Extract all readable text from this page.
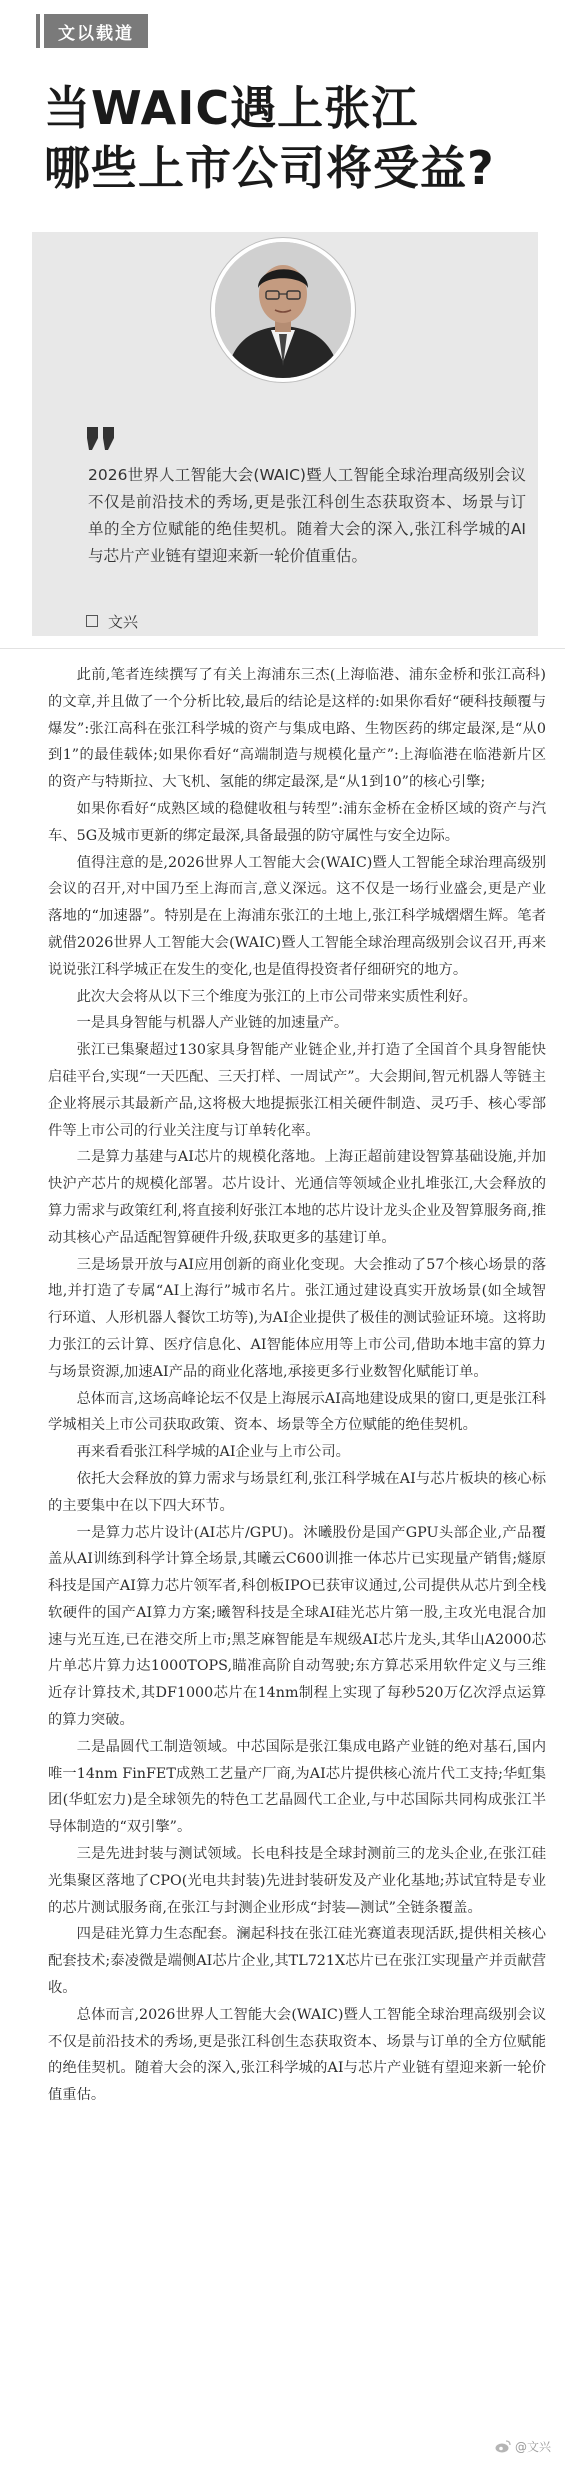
文以载道
当WAIC遇上张江
哪些上市公司将受益?

2026世界人工智能大会(WAIC)暨人工智能全球治理高级别会议不仅是前沿技术的秀场,更是张江科创生态获取资本、场景与订单的全方位赋能的绝佳契机。随着大会的深入,张江科学城的AI与芯片产业链有望迎来新一轮价值重估。

文兴

此前,笔者连续撰写了有关上海浦东三杰(上海临港、浦东金桥和张江高科)的文章,并且做了一个分析比较,最后的结论是这样的:如果你看好“硬科技颠覆与爆发”:张江高科在张江科学城的资产与集成电路、生物医药的绑定最深,是“从0到1”的最佳载体;如果你看好“高端制造与规模化量产”:上海临港在临港新片区的资产与特斯拉、大飞机、氢能的绑定最深,是“从1到10”的核心引擎;

如果你看好“成熟区域的稳健收租与转型”:浦东金桥在金桥区域的资产与汽车、5G及城市更新的绑定最深,具备最强的防守属性与安全边际。

值得注意的是,2026世界人工智能大会(WAIC)暨人工智能全球治理高级别会议的召开,对中国乃至上海而言,意义深远。这不仅是一场行业盛会,更是产业落地的“加速器”。特别是在上海浦东张江的土地上,张江科学城熠熠生辉。笔者就借2026世界人工智能大会(WAIC)暨人工智能全球治理高级别会议召开,再来说说张江科学城正在发生的变化,也是值得投资者仔细研究的地方。

此次大会将从以下三个维度为张江的上市公司带来实质性利好。

一是具身智能与机器人产业链的加速量产。

张江已集聚超过130家具身智能产业链企业,并打造了全国首个具身智能快启硅平台,实现“一天匹配、三天打样、一周试产”。大会期间,智元机器人等链主企业将展示其最新产品,这将极大地提振张江相关硬件制造、灵巧手、核心零部件等上市公司的行业关注度与订单转化率。

二是算力基建与AI芯片的规模化落地。上海正超前建设智算基础设施,并加快沪产芯片的规模化部署。芯片设计、光通信等领域企业扎堆张江,大会释放的算力需求与政策红利,将直接利好张江本地的芯片设计龙头企业及智算服务商,推动其核心产品适配智算硬件升级,获取更多的基建订单。

三是场景开放与AI应用创新的商业化变现。大会推动了57个核心场景的落地,并打造了专属“AI上海行”城市名片。张江通过建设真实开放场景(如全域智行环道、人形机器人餐饮工坊等),为AI企业提供了极佳的测试验证环境。这将助力张江的云计算、医疗信息化、AI智能体应用等上市公司,借助本地丰富的算力与场景资源,加速AI产品的商业化落地,承接更多行业数智化赋能订单。

总体而言,这场高峰论坛不仅是上海展示AI高地建设成果的窗口,更是张江科学城相关上市公司获取政策、资本、场景等全方位赋能的绝佳契机。

再来看看张江科学城的AI企业与上市公司。

依托大会释放的算力需求与场景红利,张江科学城在AI与芯片板块的核心标的主要集中在以下四大环节。

一是算力芯片设计(AI芯片/GPU)。沐曦股份是国产GPU头部企业,产品覆盖从AI训练到科学计算全场景,其曦云C600训推一体芯片已实现量产销售;燧原科技是国产AI算力芯片领军者,科创板IPO已获审议通过,公司提供从芯片到全栈软硬件的国产AI算力方案;曦智科技是全球AI硅光芯片第一股,主攻光电混合加速与光互连,已在港交所上市;黑芝麻智能是车规级AI芯片龙头,其华山A2000芯片单芯片算力达1000TOPS,瞄准高阶自动驾驶;东方算芯采用软件定义与三维近存计算技术,其DF1000芯片在14nm制程上实现了每秒520万亿次浮点运算的算力突破。

二是晶圆代工制造领域。中芯国际是张江集成电路产业链的绝对基石,国内唯一14nm FinFET成熟工艺量产厂商,为AI芯片提供核心流片代工支持;华虹集团(华虹宏力)是全球领先的特色工艺晶圆代工企业,与中芯国际共同构成张江半导体制造的“双引擎”。

三是先进封装与测试领域。长电科技是全球封测前三的龙头企业,在张江硅光集聚区落地了CPO(光电共封装)先进封装研发及产业化基地;苏试宜特是专业的芯片测试服务商,在张江与封测企业形成“封装—测试”全链条覆盖。

四是硅光算力生态配套。澜起科技在张江硅光赛道表现活跃,提供相关核心配套技术;泰凌微是端侧AI芯片企业,其TL721X芯片已在张江实现量产并贡献营收。

总体而言,2026世界人工智能大会(WAIC)暨人工智能全球治理高级别会议不仅是前沿技术的秀场,更是张江科创生态获取资本、场景与订单的全方位赋能的绝佳契机。随着大会的深入,张江科学城的AI与芯片产业链有望迎来新一轮价值重估。

@文兴
